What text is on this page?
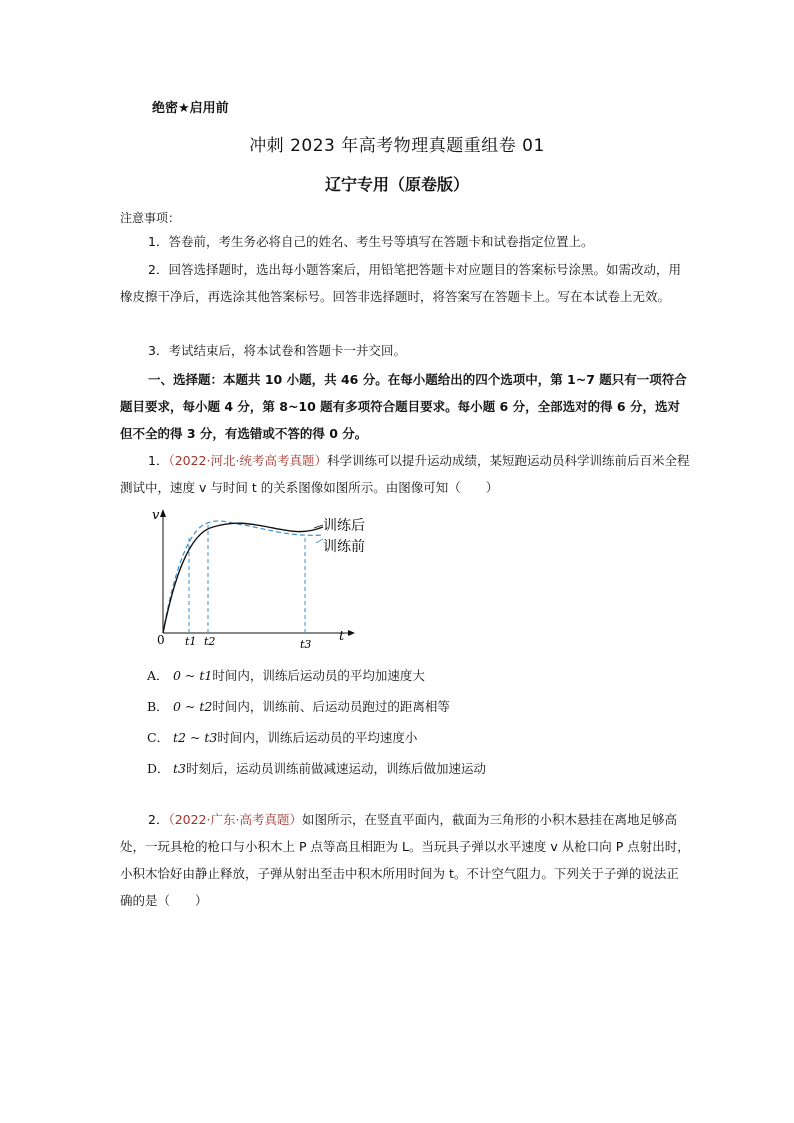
绝密★启用前
冲刺 2023 年高考物理真题重组卷 01
辽宁专用（原卷版）
注意事项：
1．答卷前，考生务必将自己的姓名、考生号等填写在答题卡和试卷指定位置上。
2．回答选择题时，选出每小题答案后，用铅笔把答题卡对应题目的答案标号涂黑。如需改动，用橡皮擦干净后，再选涂其他答案标号。回答非选择题时，将答案写在答题卡上。写在本试卷上无效。
3．考试结束后，将本试卷和答题卡一并交回。
一、选择题：本题共 10 小题，共 46 分。在每小题给出的四个选项中，第 1~7 题只有一项符合题目要求，每小题 4 分，第 8~10 题有多项符合题目要求。每小题 6 分，全部选对的得 6 分，选对但不全的得 3 分，有选错或不答的得 0 分。
1．（2022·河北·统考高考真题）科学训练可以提升运动成绩，某短跑运动员科学训练前后百米全程测试中，速度 v 与时间 t 的关系图像如图所示。由图像可知（　　）
v
t
0 t1 t2	t3
训练后
训练前
A． 0 ~ t1时间内，训练后运动员的平均加速度大
B． 0 ~ t2时间内，训练前、后运动员跑过的距离相等
C． t2 ~ t3时间内，训练后运动员的平均速度小
D． t3时刻后，运动员训练前做减速运动，训练后做加速运动
2．（2022·广东·高考真题）如图所示，在竖直平面内，截面为三角形的小积木悬挂在离地足够高处，一玩具枪的枪口与小积木上 P 点等高且相距为 L。当玩具子弹以水平速度 v 从枪口向 P 点射出时，小积木恰好由静止释放，子弹从射出至击中积木所用时间为 t。不计空气阻力。下列关于子弹的说法正确的是（　　）
